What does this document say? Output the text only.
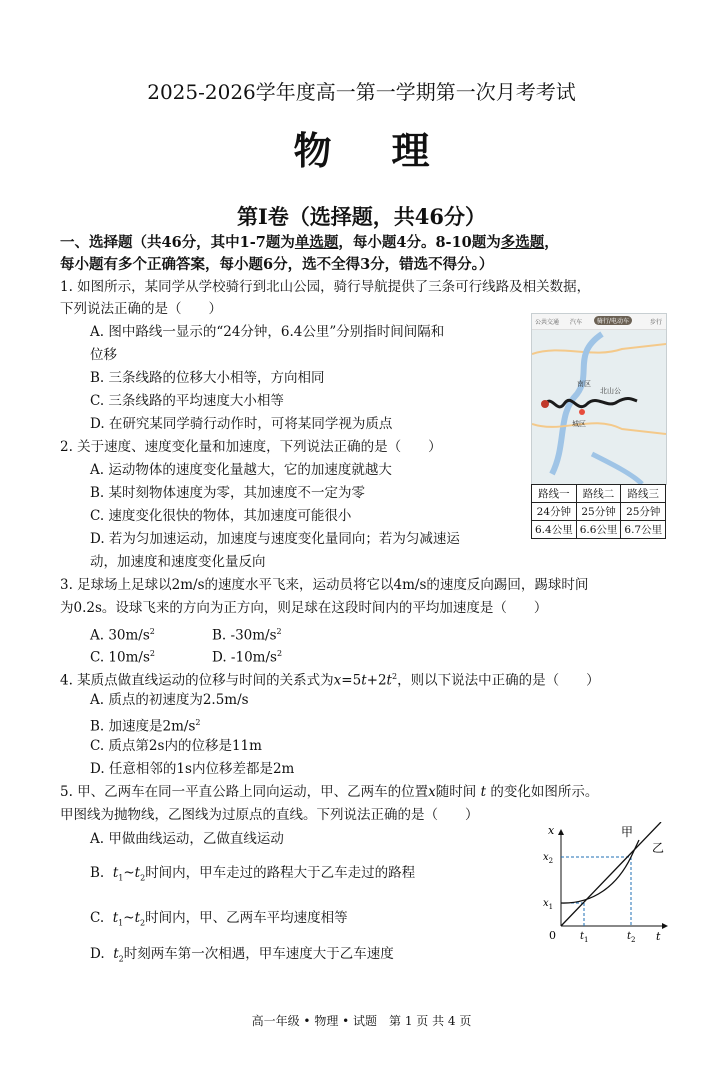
2025-2026学年度高一第一学期第一次月考考试
物理
第Ⅰ卷（选择题，共46分）
一、选择题（共46分，其中1-7题为单选题，每小题4分。8-10题为多选题，
每小题有多个正确答案，每小题6分，选不全得3分，错选不得分。）
1. 如图所示，某同学从学校骑行到北山公园，骑行导航提供了三条可行线路及相关数据，
下列说法正确的是（　　）
A. 图中路线一显示的“24分钟，6.4公里”分别指时间间隔和
位移
B. 三条线路的位移大小相等，方向相同
C. 三条线路的平均速度大小相等
D. 在研究某同学骑行动作时，可将某同学视为质点
公共交通 汽车	骑行/电动车	步行
南区
北山公
城区
路线一	路线二	路线三
24分钟	25分钟	25分钟
6.4公里	6.6公里	6.7公里
2. 关于速度、速度变化量和加速度，下列说法正确的是（　　）
A. 运动物体的速度变化量越大，它的加速度就越大
B. 某时刻物体速度为零，其加速度不一定为零
C. 速度变化很快的物体，其加速度可能很小
D. 若为匀加速运动，加速度与速度变化量同向；若为匀减速运
动，加速度和速度变化量反向
3. 足球场上足球以2m/s的速度水平飞来，运动员将它以4m/s的速度反向踢回，踢球时间
为0.2s。设球飞来的方向为正方向，则足球在这段时间内的平均加速度是（　　）
A. $30m/s^2$	B. $-30m/s^2$
C. $10m/s^2$	D. $-10m/s^2$
4. 某质点做直线运动的位移与时间的关系式为$x=5t+2t^2$，则以下说法中正确的是（　　）
A. 质点的初速度为2.5m/s
B. 加速度是$2m/s^2$
C. 质点第2s内的位移是11m
D. 任意相邻的1s内位移差都是2m
5. 甲、乙两车在同一平直公路上同向运动，甲、乙两车的位置x随时间 t 的变化如图所示。
甲图线为抛物线，乙图线为过原点的直线。下列说法正确的是（　　）
A. 甲做曲线运动，乙做直线运动
B. $t_1\sim t_2$时间内，甲车走过的路程大于乙车走过的路程
C. $t_1\sim t_2$时间内，甲、乙两车平均速度相等
D. $t_2$时刻两车第一次相遇，甲车速度大于乙车速度
x
t
0
甲
乙
$x_1$
$x_2$
$t_1$	$t_2$
高一年级 • 物理 • 试题　第 1 页 共 4 页
